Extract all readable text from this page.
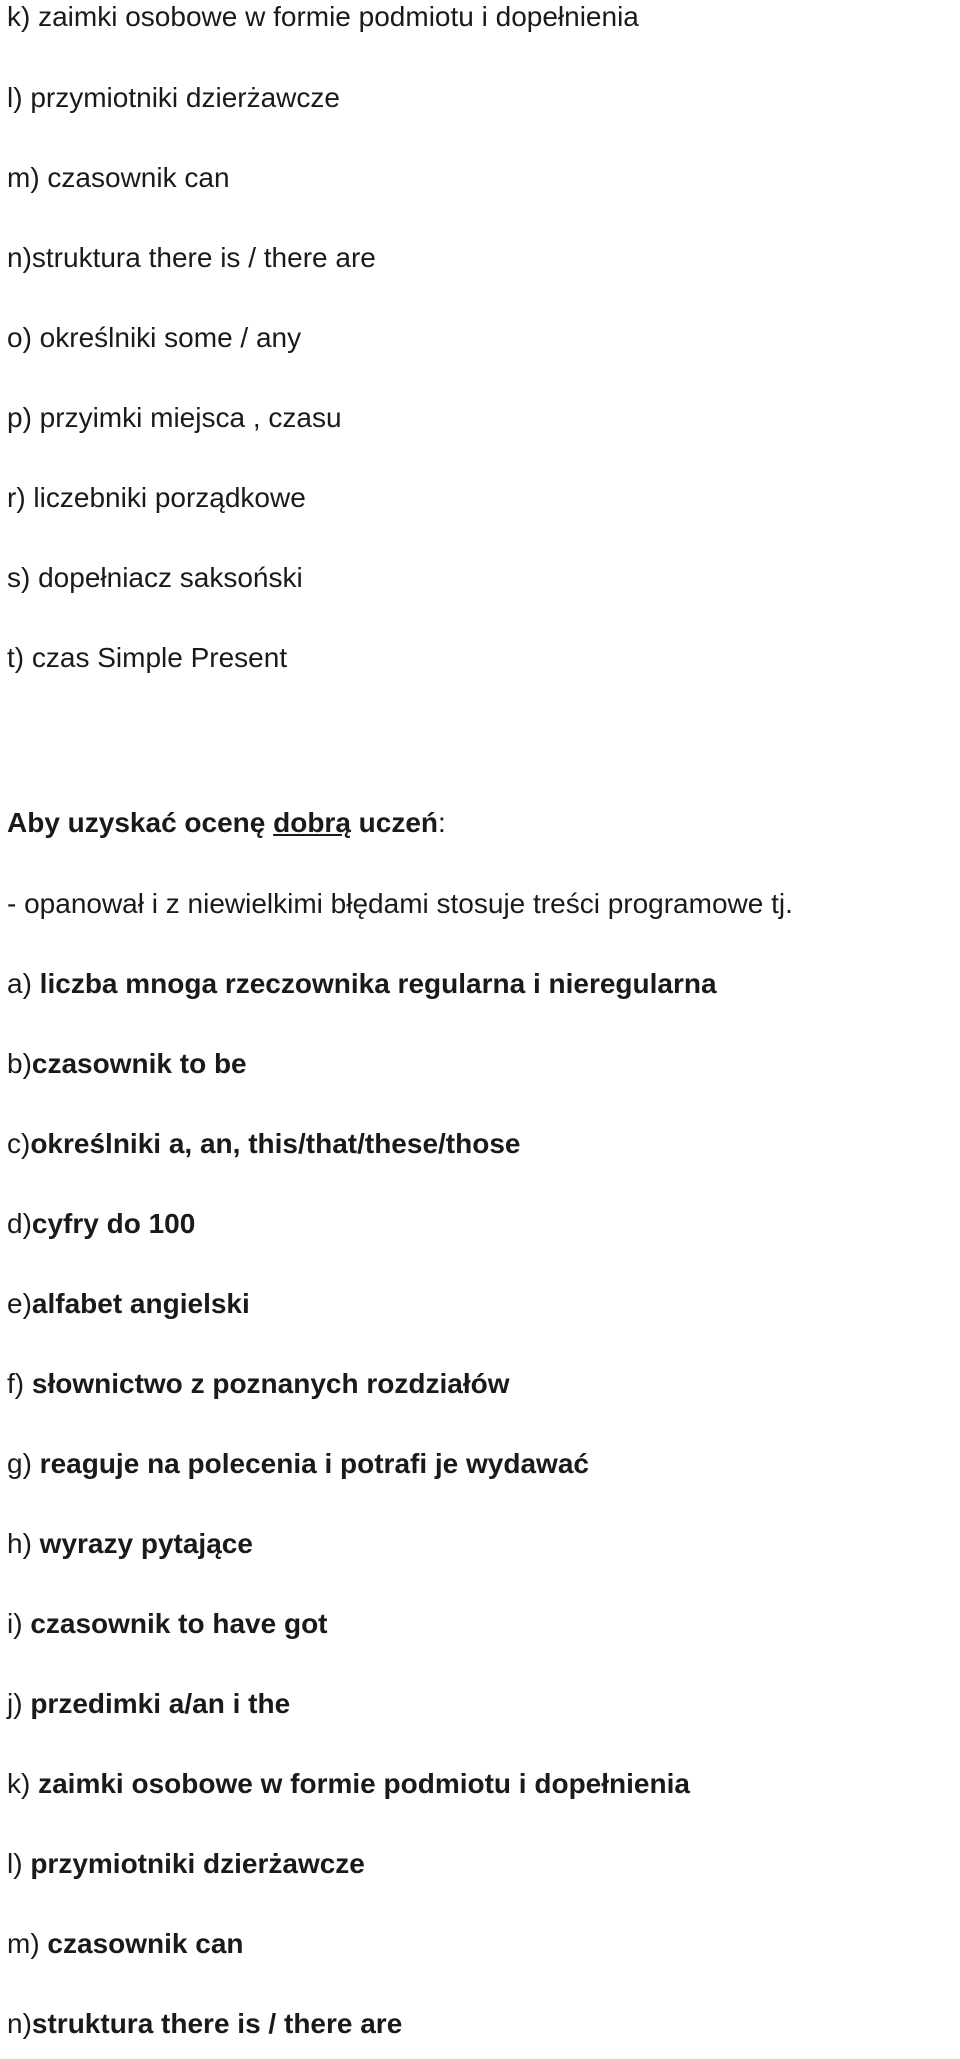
k) zaimki osobowe w formie podmiotu i dopełnienia

l) przymiotniki dzierżawcze

m) czasownik can

n)struktura there is / there are

o) określniki some / any

p) przyimki miejsca , czasu

r) liczebniki porządkowe

s) dopełniacz saksoński

t) czas Simple Present

Aby uzyskać ocenę dobrą uczeń:

- opanował i z niewielkimi błędami stosuje treści programowe tj.

a) liczba mnoga rzeczownika regularna i nieregularna

b)czasownik to be

c)określniki a, an, this/that/these/those

d)cyfry do 100

e)alfabet angielski

f) słownictwo z poznanych rozdziałów

g) reaguje na polecenia i potrafi je wydawać

h) wyrazy pytające

i) czasownik to have got

j) przedimki a/an i the

k) zaimki osobowe w formie podmiotu i dopełnienia

l) przymiotniki dzierżawcze

m) czasownik can

n)struktura there is / there are
